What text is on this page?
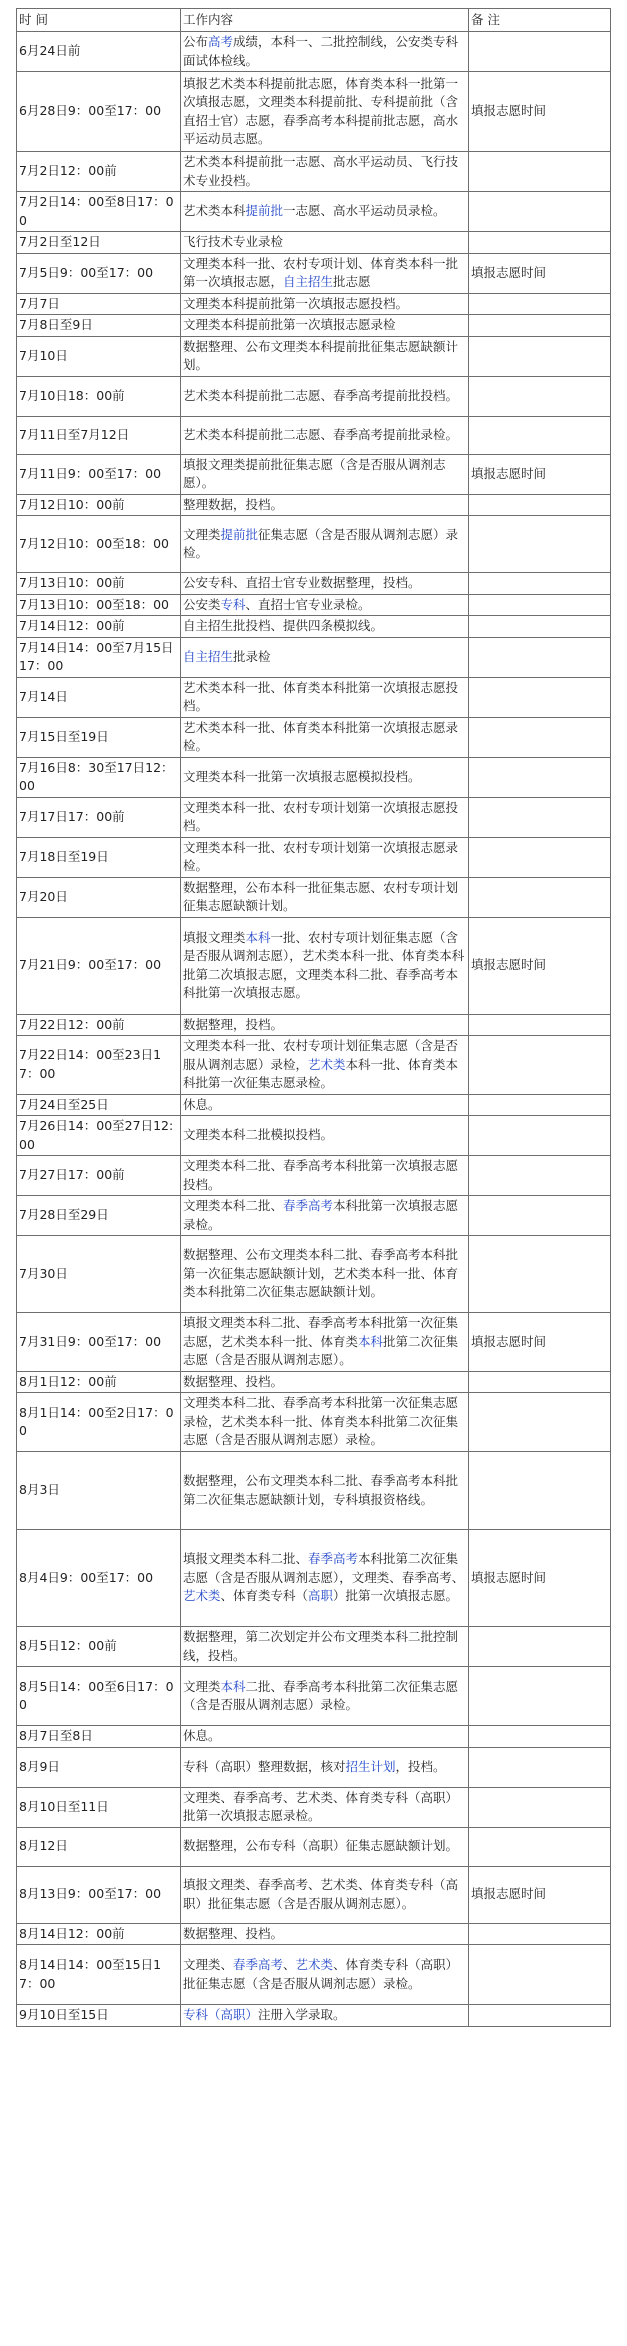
时 间	工作内容	备 注
6月24日前	公布高考成绩，本科一、二批控制线，公安类专科面试体检线。	
6月28日9：00至17：00	填报艺术类本科提前批志愿，体育类本科一批第一次填报志愿，文理类本科提前批、专科提前批（含直招士官）志愿，春季高考本科提前批志愿，高水平运动员志愿。	填报志愿时间
7月2日12：00前	艺术类本科提前批一志愿、高水平运动员、飞行技术专业投档。	
7月2日14：00至8日17：00	艺术类本科提前批一志愿、高水平运动员录检。	
7月2日至12日	飞行技术专业录检	
7月5日9：00至17：00	文理类本科一批、农村专项计划、体育类本科一批第一次填报志愿，自主招生批志愿	填报志愿时间
7月7日	文理类本科提前批第一次填报志愿投档。	
7月8日至9日	文理类本科提前批第一次填报志愿录检	
7月10日	数据整理、公布文理类本科提前批征集志愿缺额计划。	
7月10日18：00前	艺术类本科提前批二志愿、春季高考提前批投档。	
7月11日至7月12日	艺术类本科提前批二志愿、春季高考提前批录检。	
7月11日9：00至17：00	填报文理类提前批征集志愿（含是否服从调剂志愿）。	填报志愿时间
7月12日10：00前	整理数据，投档。	
7月12日10：00至18：00	文理类提前批征集志愿（含是否服从调剂志愿）录检。	
7月13日10：00前	公安专科、直招士官专业数据整理，投档。	
7月13日10：00至18：00	公安类专科、直招士官专业录检。	
7月14日12：00前	自主招生批投档、提供四条模拟线。	
7月14日14：00至7月15日17：00	自主招生批录检	
7月14日	艺术类本科一批、体育类本科批第一次填报志愿投档。	
7月15日至19日	艺术类本科一批、体育类本科批第一次填报志愿录检。	
7月16日8：30至17日12：00	文理类本科一批第一次填报志愿模拟投档。	
7月17日17：00前	文理类本科一批、农村专项计划第一次填报志愿投档。	
7月18日至19日	文理类本科一批、农村专项计划第一次填报志愿录检。	
7月20日	数据整理，公布本科一批征集志愿、农村专项计划征集志愿缺额计划。	
7月21日9：00至17：00	填报文理类本科一批、农村专项计划征集志愿（含是否服从调剂志愿），艺术类本科一批、体育类本科批第二次填报志愿，文理类本科二批、春季高考本科批第一次填报志愿。	填报志愿时间
7月22日12：00前	数据整理，投档。	
7月22日14：00至23日17：00	文理类本科一批、农村专项计划征集志愿（含是否服从调剂志愿）录检，艺术类本科一批、体育类本科批第一次征集志愿录检。	
7月24日至25日	休息。	
7月26日14：00至27日12:00	文理类本科二批模拟投档。	
7月27日17：00前	文理类本科二批、春季高考本科批第一次填报志愿投档。	
7月28日至29日	文理类本科二批、春季高考本科批第一次填报志愿录检。	
7月30日	数据整理、公布文理类本科二批、春季高考本科批第一次征集志愿缺额计划，艺术类本科一批、体育类本科批第二次征集志愿缺额计划。	
7月31日9：00至17：00	填报文理类本科二批、春季高考本科批第一次征集志愿，艺术类本科一批、体育类本科批第二次征集志愿（含是否服从调剂志愿）。	填报志愿时间
8月1日12：00前	数据整理、投档。	
8月1日14：00至2日17：00	文理类本科二批、春季高考本科批第一次征集志愿录检，艺术类本科一批、体育类本科批第二次征集志愿（含是否服从调剂志愿）录检。	
8月3日	数据整理，公布文理类本科二批、春季高考本科批第二次征集志愿缺额计划，专科填报资格线。	
8月4日9：00至17：00	填报文理类本科二批、春季高考本科批第二次征集志愿（含是否服从调剂志愿），文理类、春季高考、艺术类、体育类专科（高职）批第一次填报志愿。	填报志愿时间
8月5日12：00前	数据整理，第二次划定并公布文理类本科二批控制线，投档。	
8月5日14：00至6日17：00	文理类本科二批、春季高考本科批第二次征集志愿（含是否服从调剂志愿）录检。	
8月7日至8日	休息。	
8月9日	专科（高职）整理数据，核对招生计划，投档。	
8月10日至11日	文理类、春季高考、艺术类、体育类专科（高职）批第一次填报志愿录检。	
8月12日	数据整理，公布专科（高职）征集志愿缺额计划。	
8月13日9：00至17：00	填报文理类、春季高考、艺术类、体育类专科（高职）批征集志愿（含是否服从调剂志愿）。	填报志愿时间
8月14日12：00前	数据整理、投档。	
8月14日14：00至15日17：00	文理类、春季高考、艺术类、体育类专科（高职）批征集志愿（含是否服从调剂志愿）录检。	
9月10日至15日	专科（高职）注册入学录取。	
